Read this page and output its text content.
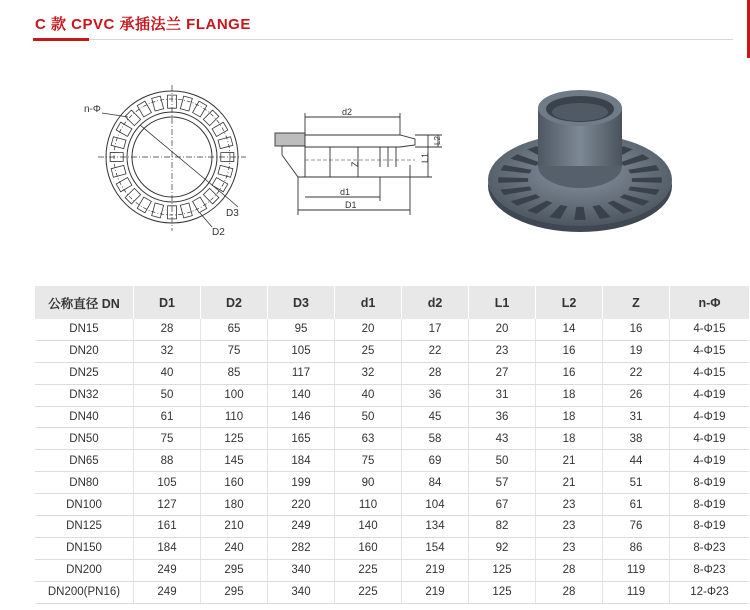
C 款 CPVC 承插法兰 FLANGE
n-Φ
D3
D2
d2
Z
L1
L2
d1
D1
公称直径 DN	D1	D2	D3	d1	d2	L1	L2	Z	n-Φ
DN15	28	65	95	20	17	20	14	16	4-Φ15
DN20	32	75	105	25	22	23	16	19	4-Φ15
DN25	40	85	117	32	28	27	16	22	4-Φ15
DN32	50	100	140	40	36	31	18	26	4-Φ19
DN40	61	110	146	50	45	36	18	31	4-Φ19
DN50	75	125	165	63	58	43	18	38	4-Φ19
DN65	88	145	184	75	69	50	21	44	4-Φ19
DN80	105	160	199	90	84	57	21	51	8-Φ19
DN100	127	180	220	110	104	67	23	61	8-Φ19
DN125	161	210	249	140	134	82	23	76	8-Φ19
DN150	184	240	282	160	154	92	23	86	8-Φ23
DN200	249	295	340	225	219	125	28	119	8-Φ23
DN200(PN16)	249	295	340	225	219	125	28	119	12-Φ23
